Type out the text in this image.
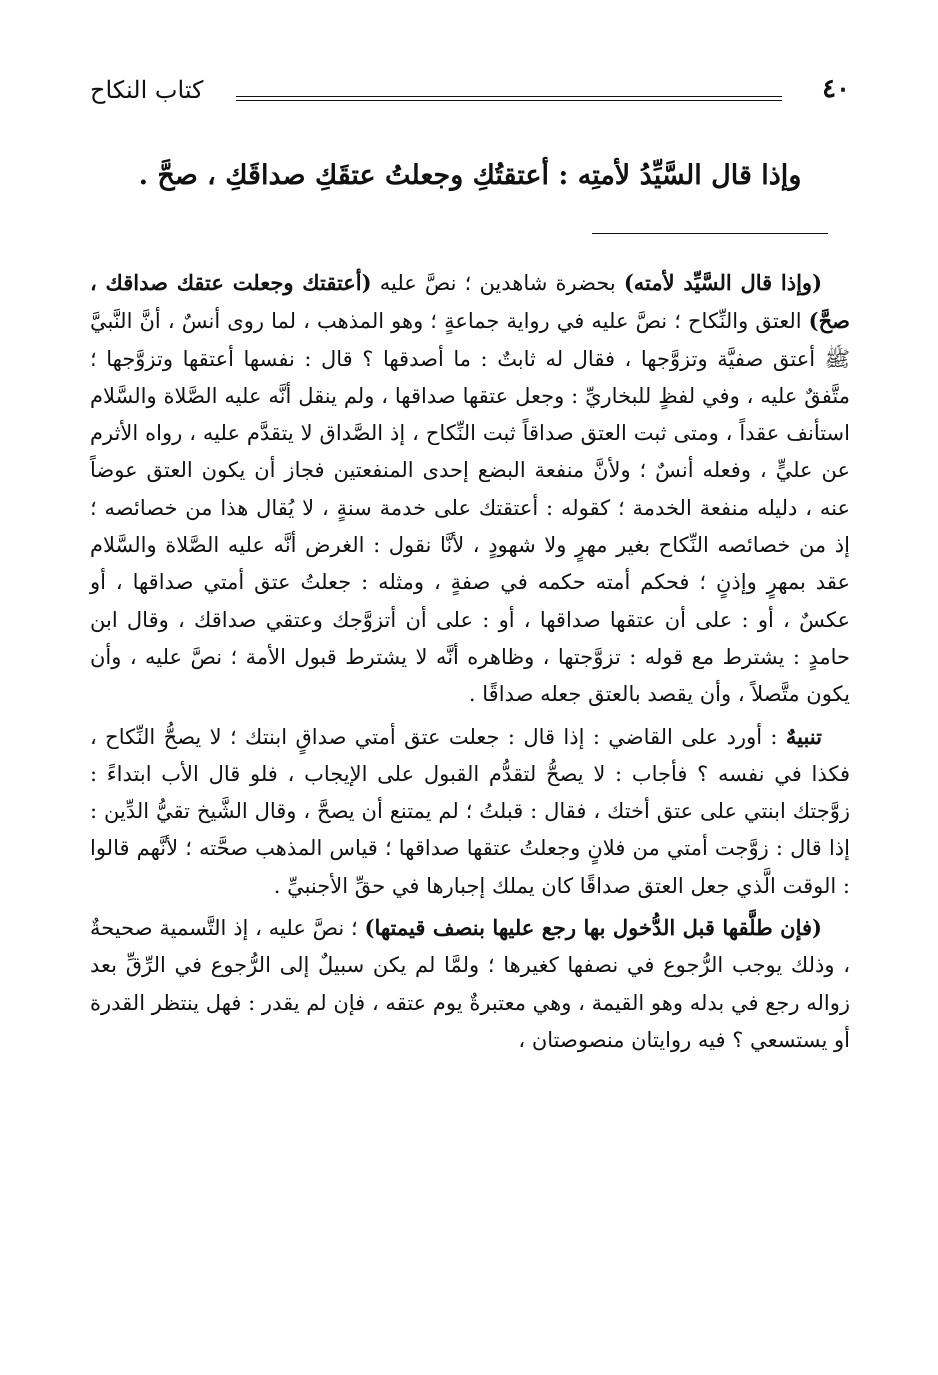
٤٠
كتاب النكاح
وإذا قال السَّيِّدُ لأمتِه : أعتقتُكِ وجعلتُ عتقَكِ صداقَكِ ، صحَّ .

(وإذا قال السَّيِّد لأمته) بحضرة شاهدين ؛ نصَّ عليه (أعتقتك وجعلت عتقك صداقك ، صحَّ) العتق والنِّكاح ؛ نصَّ عليه في رواية جماعةٍ ؛ وهو المذهب ، لما روى أنسٌ ، أنَّ النَّبيَّ ﷺ أعتق صفيَّة وتزوَّجها ، فقال له ثابتٌ : ما أصدقها ؟ قال : نفسها أعتقها وتزوَّجها ؛ متَّفقٌ عليه ، وفي لفظٍ للبخاريِّ : وجعل عتقها صداقها ، ولم ينقل أنَّه عليه الصَّلاة والسَّلام استأنف عقداً ، ومتى ثبت العتق صداقاً ثبت النِّكاح ، إذ الصَّداق لا يتقدَّم عليه ، رواه الأثرم عن عليٍّ ، وفعله أنسٌ ؛ ولأنَّ منفعة البضع إحدى المنفعتين فجاز أن يكون العتق عوضاً عنه ، دليله منفعة الخدمة ؛ كقوله : أعتقتك على خدمة سنةٍ ، لا يُقال هذا من خصائصه ؛ إذ من خصائصه النِّكاح بغير مهرٍ ولا شهودٍ ، لأنَّا نقول : الغرض أنَّه عليه الصَّلاة والسَّلام عقد بمهرٍ وإذنٍ ؛ فحكم أمته حكمه في صفةٍ ، ومثله : جعلتُ عتق أمتي صداقها ، أو عكسٌ ، أو : على أن عتقها صداقها ، أو : على أن أتزوَّجك وعتقي صداقك ، وقال ابن حامدٍ : يشترط مع قوله : تزوَّجتها ، وظاهره أنَّه لا يشترط قبول الأمة ؛ نصَّ عليه ، وأن يكون متَّصلاً ، وأن يقصد بالعتق جعله صداقًا .

تنبيهٌ : أورد على القاضي : إذا قال : جعلت عتق أمتي صداقٍ ابنتك ؛ لا يصحُّ النِّكاح ، فكذا في نفسه ؟ فأجاب : لا يصحُّ لتقدُّم القبول على الإيجاب ، فلو قال الأب ابتداءً : زوَّجتك ابنتي على عتق أختك ، فقال : قبلتُ ؛ لم يمتنع أن يصحَّ ، وقال الشَّيخ تقيُّ الدِّين : إذا قال : زوَّجت أمتي من فلانٍ وجعلتُ عتقها صداقها ؛ قياس المذهب صحَّته ؛ لأنَّهم قالوا : الوقت الَّذي جعل العتق صداقًا كان يملك إجبارها في حقِّ الأجنبيِّ .

(فإن طلَّقها قبل الدُّخول بها رجع عليها بنصف قيمتها) ؛ نصَّ عليه ، إذ التَّسمية صحيحةٌ ، وذلك يوجب الرُّجوع في نصفها كغيرها ؛ ولمَّا لم يكن سبيلٌ إلى الرُّجوع في الرِّقِّ بعد زواله رجع في بدله وهو القيمة ، وهي معتبرةٌ يوم عتقه ، فإن لم يقدر : فهل ينتظر القدرة أو يستسعي ؟ فيه روايتان منصوصتان ،
